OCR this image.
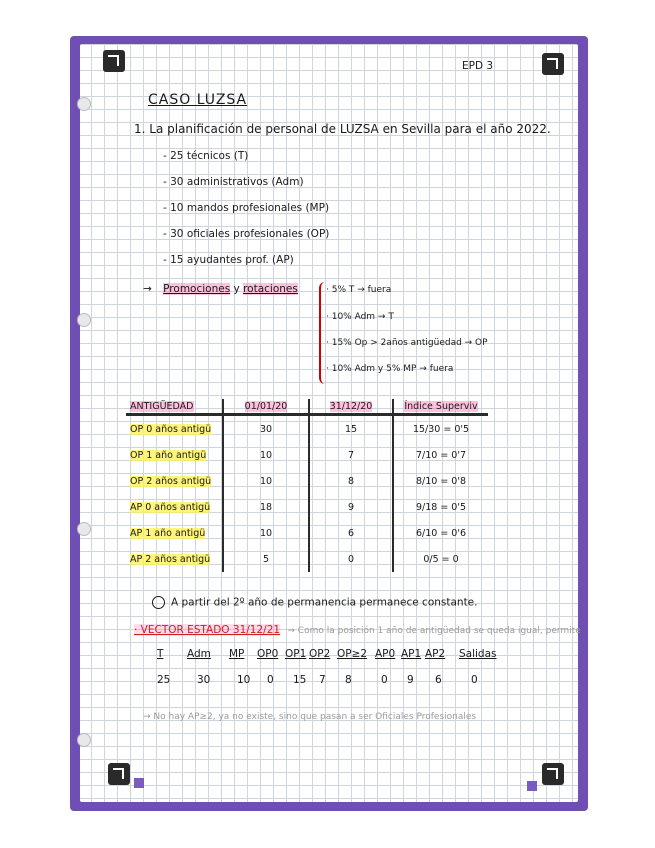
EPD 3
CASO LUZSA
1. La planificación de personal de LUZSA en Sevilla para el año 2022.
- 25 técnicos (T)
- 30 administrativos (Adm)
- 10 mandos profesionales (MP)
- 30 oficiales profesionales (OP)
- 15 ayudantes prof. (AP)
→ Promociones y rotaciones	· 5% T → fuera
· 10% Adm → T
· 15% Op > 2años antigüedad → OP
· 10% Adm y 5% MP → fuera
ANTIGÜEDAD	01/01/20	31/12/20	Índice Superviv
OP 0 años antigü	30	15	15/30 = 0'5
OP 1 año antigü	10	7	7/10 = 0'7
OP 2 años antigü	10	8	8/10 = 0'8
AP 0 años antigü	18	9	9/18 = 0'5
AP 1 año antigü	10	6	6/10 = 0'6
AP 2 años antigü	5	0	0/5 = 0
A partir del 2º año de permanencia permanece constante.
· VECTOR ESTADO 31/12/21 → Como la posición 1 año de antigüedad se queda igual, permite
T Adm MP OP0 OP1 OP2 OP≥2 AP0 AP1 AP2 Salidas
25	30	10 0 15 7 8	0 9 6	0
→ No hay AP≥2, ya no existe, sino que pasan a ser Oficiales Profesionales
